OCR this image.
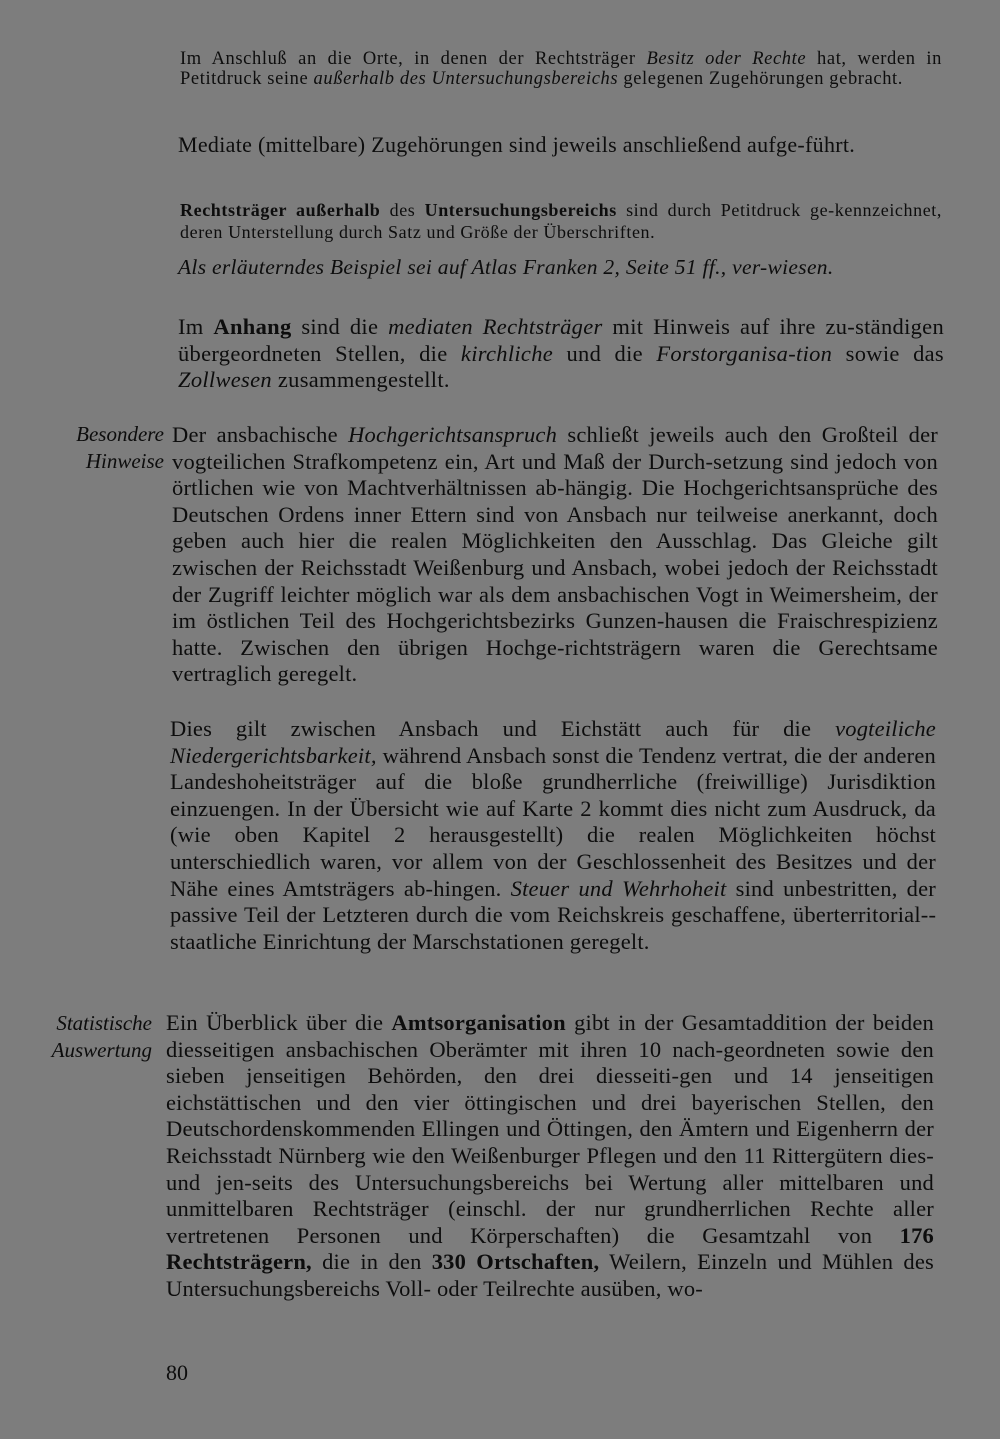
Im Anschluß an die Orte, in denen der Rechtsträger Besitz oder Rechte hat, werden in Petitdruck seine außerhalb des Untersuchungsbereichs gelegenen Zugehörungen gebracht.

Mediate (mittelbare) Zugehörungen sind jeweils anschließend aufge-führt.

Rechtsträger außerhalb des Untersuchungsbereichs sind durch Petitdruck ge-kennzeichnet, deren Unterstellung durch Satz und Größe der Überschriften.

Als erläuterndes Beispiel sei auf Atlas Franken 2, Seite 51 ff., ver-wiesen.

Im Anhang sind die mediaten Rechtsträger mit Hinweis auf ihre zu-ständigen übergeordneten Stellen, die kirchliche und die Forstorganisa-tion sowie das Zollwesen zusammengestellt.

Besondere
Hinweise

Der ansbachische Hochgerichtsanspruch schließt jeweils auch den Großteil der vogteilichen Strafkompetenz ein, Art und Maß der Durch-setzung sind jedoch von örtlichen wie von Machtverhältnissen ab-hängig. Die Hochgerichtsansprüche des Deutschen Ordens inner Ettern sind von Ansbach nur teilweise anerkannt, doch geben auch hier die realen Möglichkeiten den Ausschlag. Das Gleiche gilt zwischen der Reichsstadt Weißenburg und Ansbach, wobei jedoch der Reichsstadt der Zugriff leichter möglich war als dem ansbachischen Vogt in Weimersheim, der im östlichen Teil des Hochgerichtsbezirks Gunzen-hausen die Fraischrespizienz hatte. Zwischen den übrigen Hochge-richtsträgern waren die Gerechtsame vertraglich geregelt.

Dies gilt zwischen Ansbach und Eichstätt auch für die vogteiliche Niedergerichtsbarkeit, während Ansbach sonst die Tendenz vertrat, die der anderen Landeshoheitsträger auf die bloße grundherrliche (freiwillige) Jurisdiktion einzuengen. In der Übersicht wie auf Karte 2 kommt dies nicht zum Ausdruck, da (wie oben Kapitel 2 herausgestellt) die realen Möglichkeiten höchst unterschiedlich waren, vor allem von der Geschlossenheit des Besitzes und der Nähe eines Amtsträgers ab-hingen. Steuer und Wehrhoheit sind unbestritten, der passive Teil der Letzteren durch die vom Reichskreis geschaffene, überterritorial-staatliche Einrichtung der Marschstationen geregelt.

Statistische
Auswertung

Ein Überblick über die Amtsorganisation gibt in der Gesamtaddition der beiden diesseitigen ansbachischen Oberämter mit ihren 10 nach-geordneten sowie den sieben jenseitigen Behörden, den drei diesseiti-gen und 14 jenseitigen eichstättischen und den vier öttingischen und drei bayerischen Stellen, den Deutschordenskommenden Ellingen und Öttingen, den Ämtern und Eigenherrn der Reichsstadt Nürnberg wie den Weißenburger Pflegen und den 11 Rittergütern dies- und jen-seits des Untersuchungsbereichs bei Wertung aller mittelbaren und unmittelbaren Rechtsträger (einschl. der nur grundherrlichen Rechte aller vertretenen Personen und Körperschaften) die Gesamtzahl von 176 Rechtsträgern, die in den 330 Ortschaften, Weilern, Einzeln und Mühlen des Untersuchungsbereichs Voll- oder Teilrechte ausüben, wo-

80
